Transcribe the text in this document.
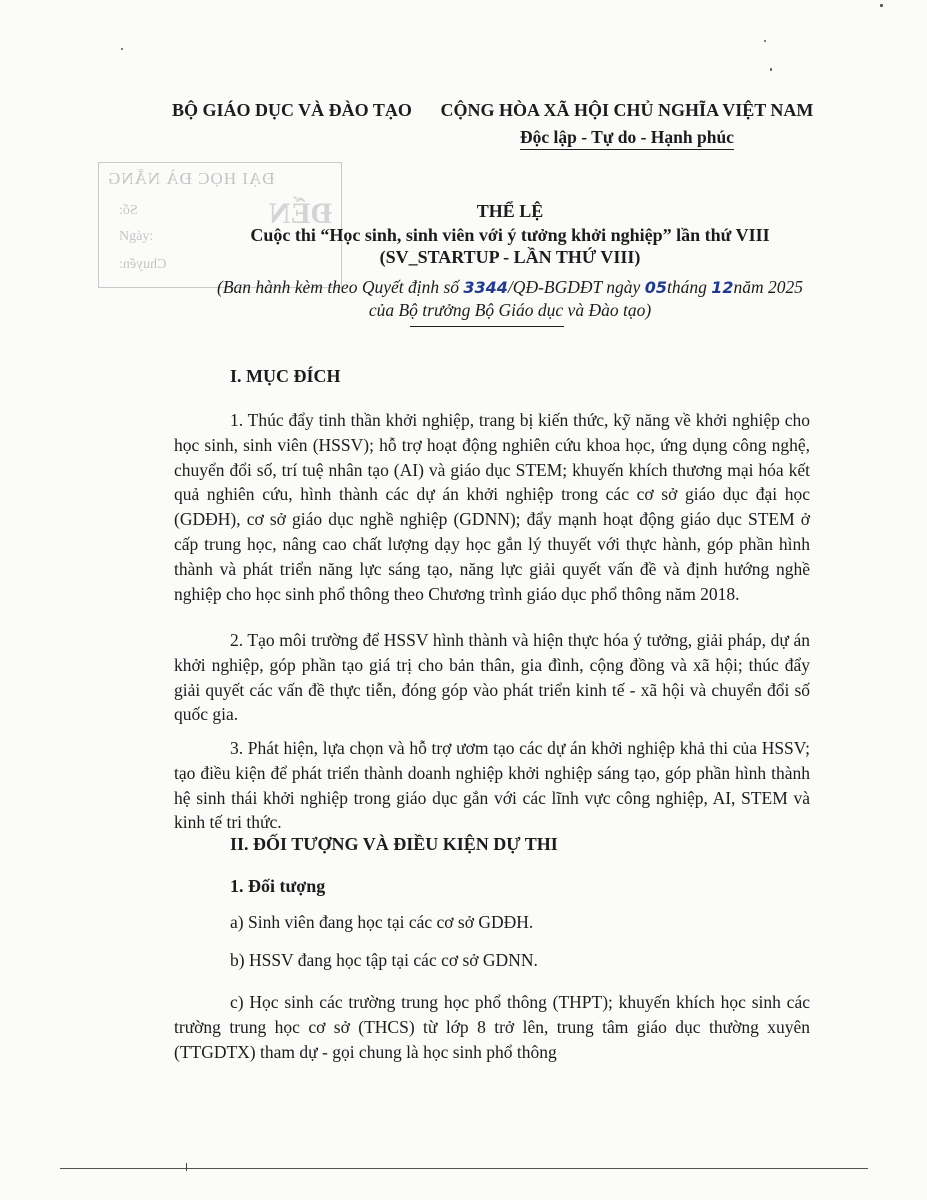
BỘ GIÁO DỤC VÀ ĐÀO TẠO	CỘNG HÒA XÃ HỘI CHỦ NGHĨA VIỆT NAM
Độc lập - Tự do - Hạnh phúc
ĐẠI HỌC ĐÀ NẴNG
Số:
Ngày:
Chuyển:
ĐẾN	THỂ LỆ
Cuộc thi “Học sinh, sinh viên với ý tưởng khởi nghiệp” lần thứ VIII
(SV_STARTUP - LẦN THỨ VIII)
(Ban hành kèm theo Quyết định số 3344/QĐ-BGDĐT ngày 05tháng 12năm 2025
của Bộ trưởng Bộ Giáo dục và Đào tạo)
I. MỤC ĐÍCH
1. Thúc đẩy tinh thần khởi nghiệp, trang bị kiến thức, kỹ năng về khởi nghiệp cho học sinh, sinh viên (HSSV); hỗ trợ hoạt động nghiên cứu khoa học, ứng dụng công nghệ, chuyển đổi số, trí tuệ nhân tạo (AI) và giáo dục STEM; khuyến khích thương mại hóa kết quả nghiên cứu, hình thành các dự án khởi nghiệp trong các cơ sở giáo dục đại học (GDĐH), cơ sở giáo dục nghề nghiệp (GDNN); đẩy mạnh hoạt động giáo dục STEM ở cấp trung học, nâng cao chất lượng dạy học gắn lý thuyết với thực hành, góp phần hình thành và phát triển năng lực sáng tạo, năng lực giải quyết vấn đề và định hướng nghề nghiệp cho học sinh phổ thông theo Chương trình giáo dục phổ thông năm 2018.
2. Tạo môi trường để HSSV hình thành và hiện thực hóa ý tưởng, giải pháp, dự án khởi nghiệp, góp phần tạo giá trị cho bản thân, gia đình, cộng đồng và xã hội; thúc đẩy giải quyết các vấn đề thực tiễn, đóng góp vào phát triển kinh tế - xã hội và chuyển đổi số quốc gia.
3. Phát hiện, lựa chọn và hỗ trợ ươm tạo các dự án khởi nghiệp khả thi của HSSV; tạo điều kiện để phát triển thành doanh nghiệp khởi nghiệp sáng tạo, góp phần hình thành hệ sinh thái khởi nghiệp trong giáo dục gắn với các lĩnh vực công nghiệp, AI, STEM và kinh tế tri thức.
II. ĐỐI TƯỢNG VÀ ĐIỀU KIỆN DỰ THI
1. Đối tượng
a) Sinh viên đang học tại các cơ sở GDĐH.
b) HSSV đang học tập tại các cơ sở GDNN.
c) Học sinh các trường trung học phổ thông (THPT); khuyến khích học sinh các trường trung học cơ sở (THCS) từ lớp 8 trở lên, trung tâm giáo dục thường xuyên (TTGDTX) tham dự - gọi chung là học sinh phổ thông
